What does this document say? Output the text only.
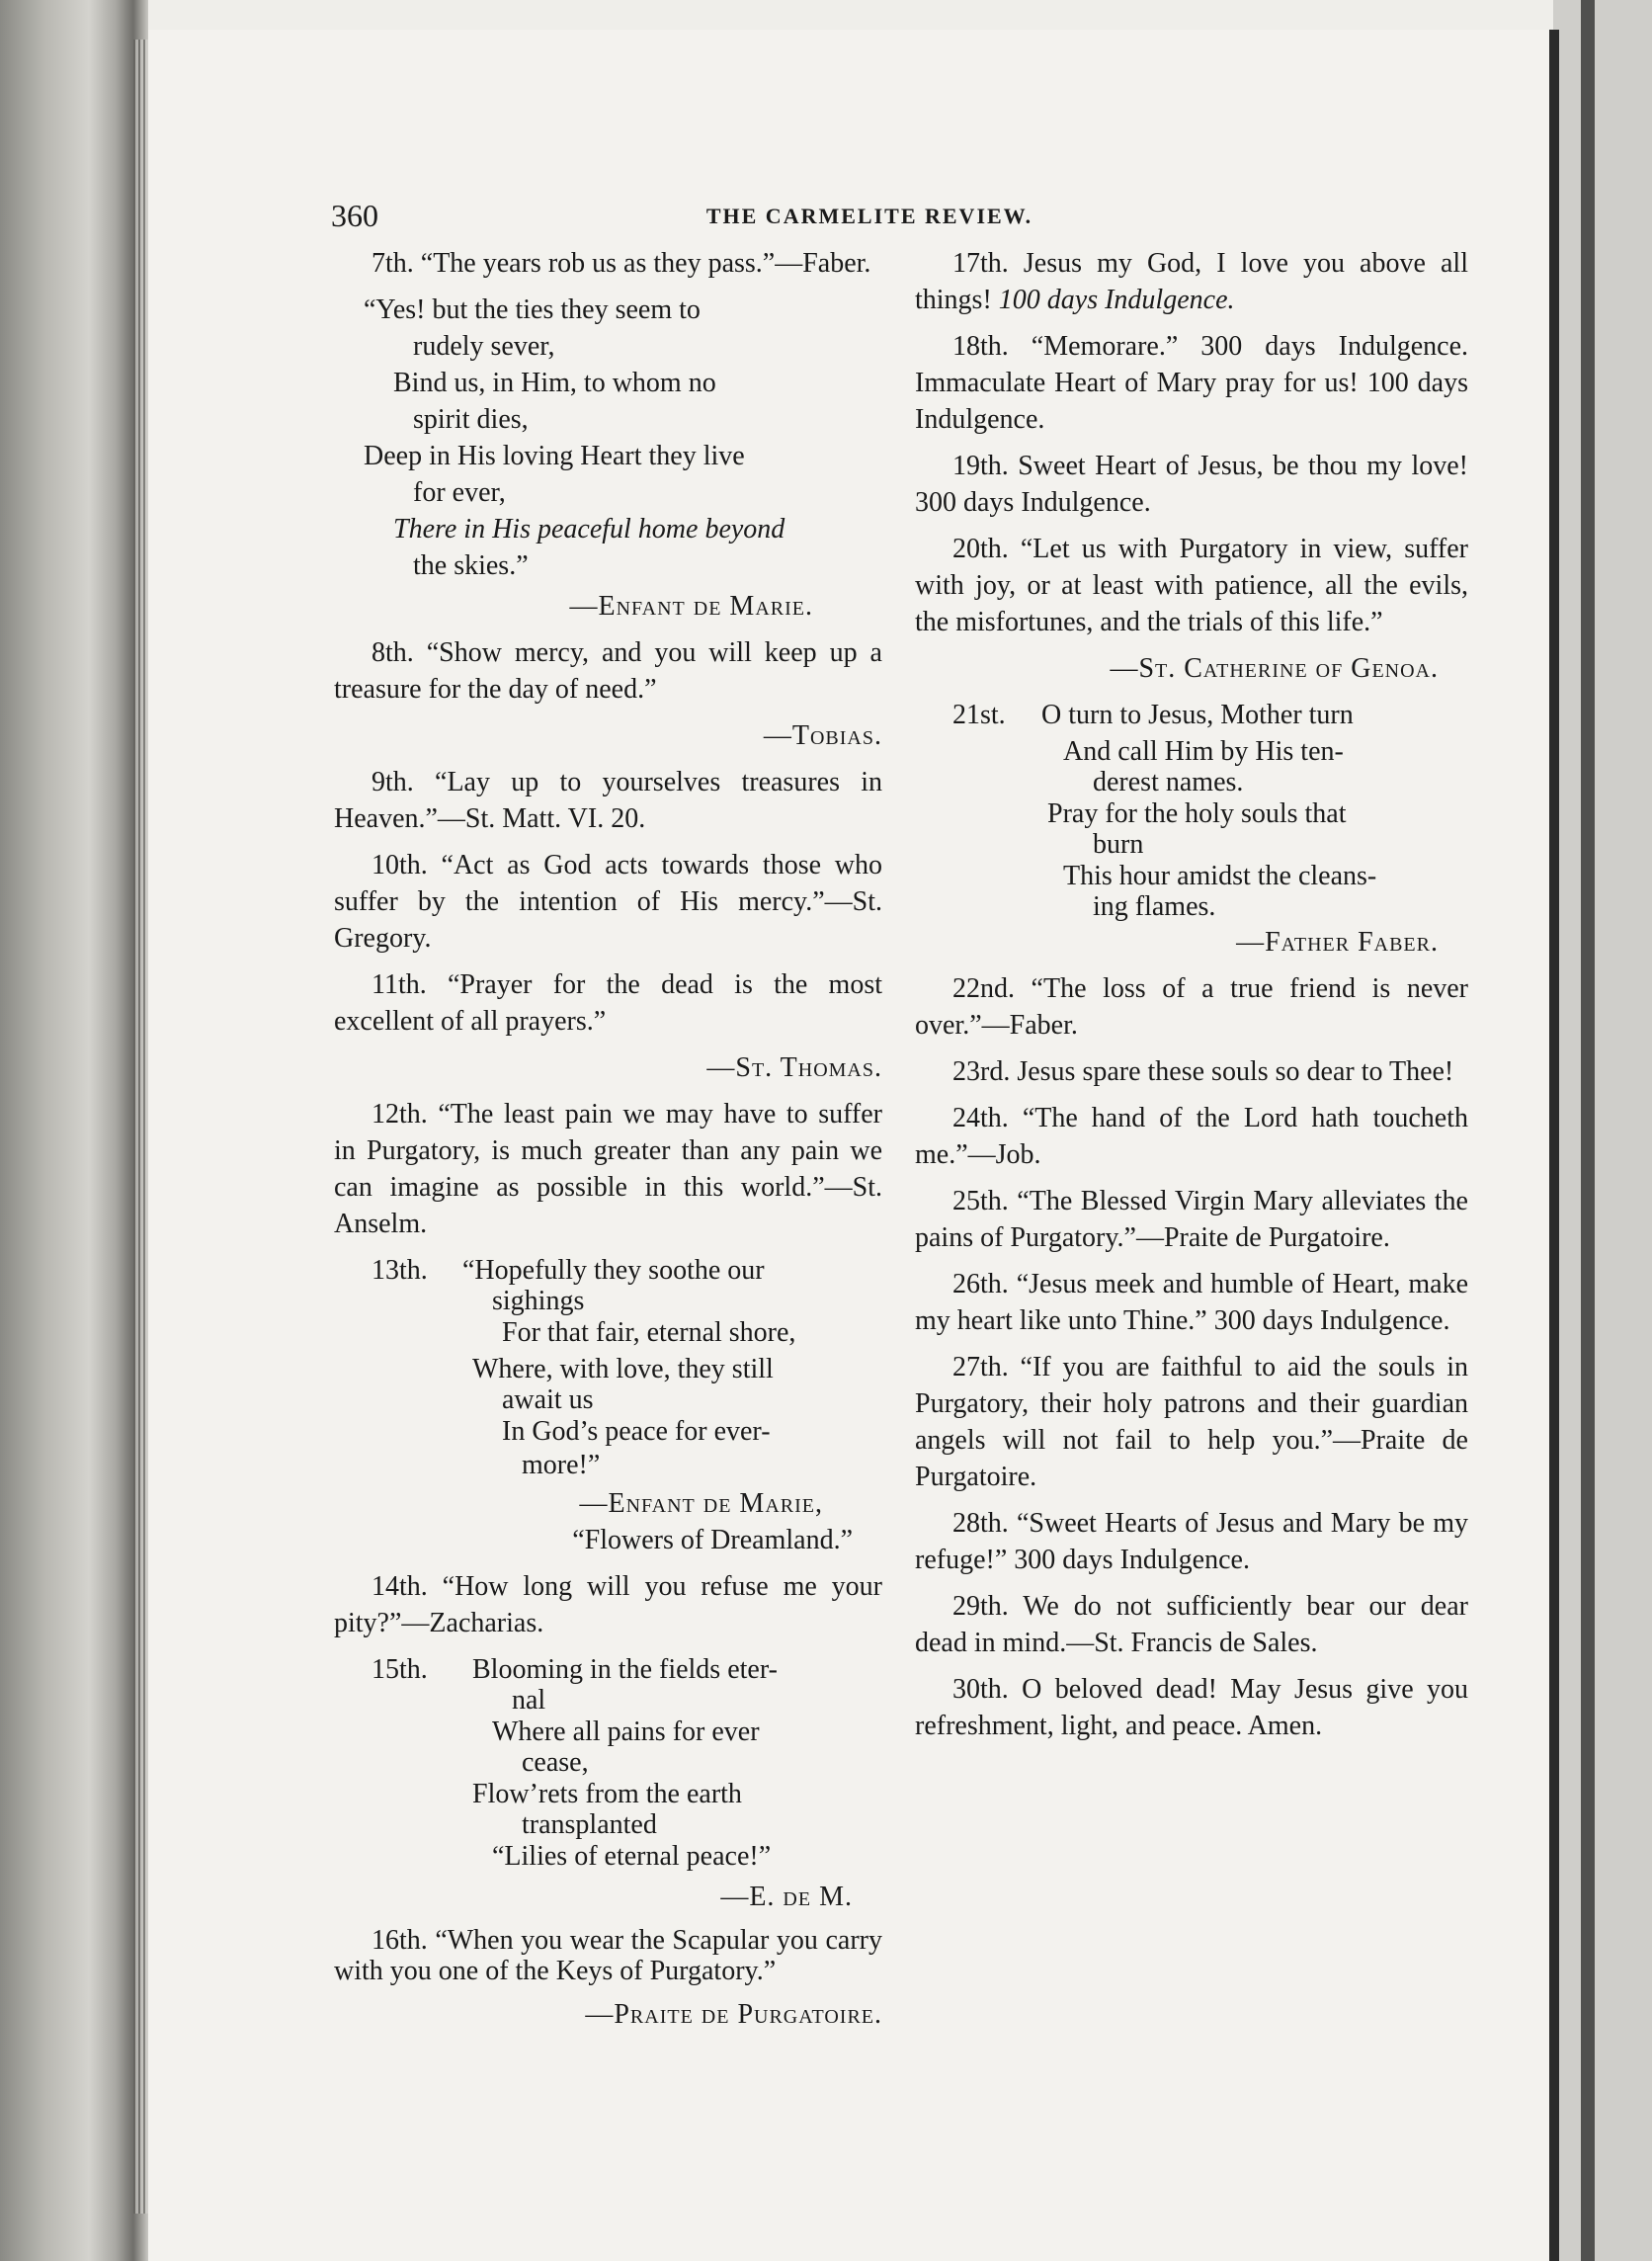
360	THE CARMELITE REVIEW.

7th. “The years rob us as they pass.”—Faber.

“Yes! but the ties they seem to
rudely sever,
Bind us, in Him, to whom no
spirit dies,
Deep in His loving Heart they live
for ever,
There in His peaceful home beyond
the skies.”

—Enfant de Marie.

8th. “Show mercy, and you will keep up a treasure for the day of need.”

—Tobias.

9th. “Lay up to yourselves treasures in Heaven.”—St. Matt. VI. 20.

10th. “Act as God acts towards those who suffer by the intention of His mercy.”—St. Gregory.

11th. “Prayer for the dead is the most excellent of all prayers.”

—St. Thomas.

12th. “The least pain we may have to suffer in Purgatory, is much greater than any pain we can imagine as possible in this world.”—St. Anselm.

13th.	“Hopefully they soothe our
sighings
For that fair, eternal shore,
Where, with love, they still
await us
In God’s peace for ever-
more!”

—Enfant de Marie,

“Flowers of Dreamland.”

14th. “How long will you refuse me your pity?”—Zacharias.

15th.	Blooming in the fields eter-
nal
Where all pains for ever
cease,
Flow’rets from the earth
transplanted
“Lilies of eternal peace!”

—E. de M.

16th. “When you wear the Scapular you carry with you one of the Keys of Purgatory.”

—Praite de Purgatoire.

17th. Jesus my God, I love you above all things! 100 days Indulgence.

18th. “Memorare.” 300 days Indulgence. Immaculate Heart of Mary pray for us! 100 days Indulgence.

19th. Sweet Heart of Jesus, be thou my love! 300 days Indulgence.

20th. “Let us with Purgatory in view, suffer with joy, or at least with patience, all the evils, the misfortunes, and the trials of this life.”

—St. Catherine of Genoa.

21st.	O turn to Jesus, Mother turn
And call Him by His ten-
derest names.
Pray for the holy souls that
burn
This hour amidst the cleans-
ing flames.

—Father Faber.

22nd. “The loss of a true friend is never over.”—Faber.

23rd. Jesus spare these souls so dear to Thee!

24th. “The hand of the Lord hath toucheth me.”—Job.

25th. “The Blessed Virgin Mary alleviates the pains of Purgatory.”—Praite de Purgatoire.

26th. “Jesus meek and humble of Heart, make my heart like unto Thine.” 300 days Indulgence.

27th. “If you are faithful to aid the souls in Purgatory, their holy patrons and their guardian angels will not fail to help you.”—Praite de Purgatoire.

28th. “Sweet Hearts of Jesus and Mary be my refuge!” 300 days Indulgence.

29th. We do not sufficiently bear our dear dead in mind.—St. Francis de Sales.

30th. O beloved dead! May Jesus give you refreshment, light, and peace. Amen.
